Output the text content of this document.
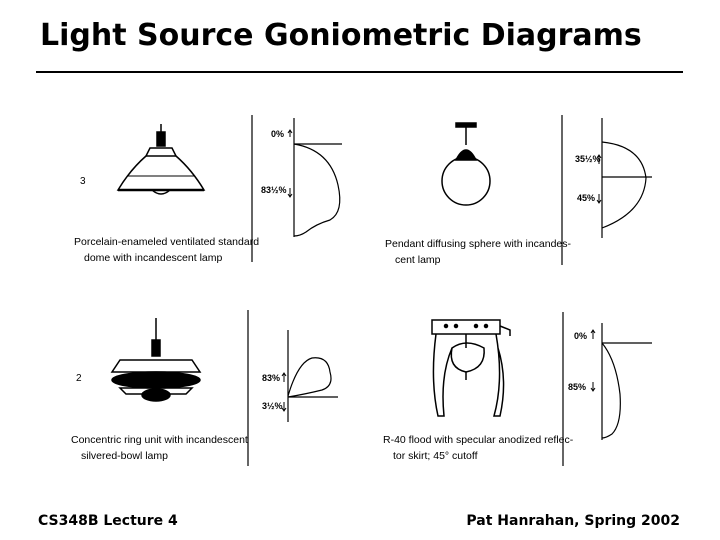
Light Source Goniometric Diagrams
3
0%
83½%
Porcelain-enameled ventilated standard
dome with incandescent lamp
35½%
45%
Pendant diffusing sphere with incandes-
cent lamp
2	83%
3½%
Concentric ring unit with incandescent
silvered-bowl lamp
0%
85%
R-40 flood with specular anodized reflec-
tor skirt; 45° cutoff
CS348B Lecture 4	Pat Hanrahan, Spring 2002
